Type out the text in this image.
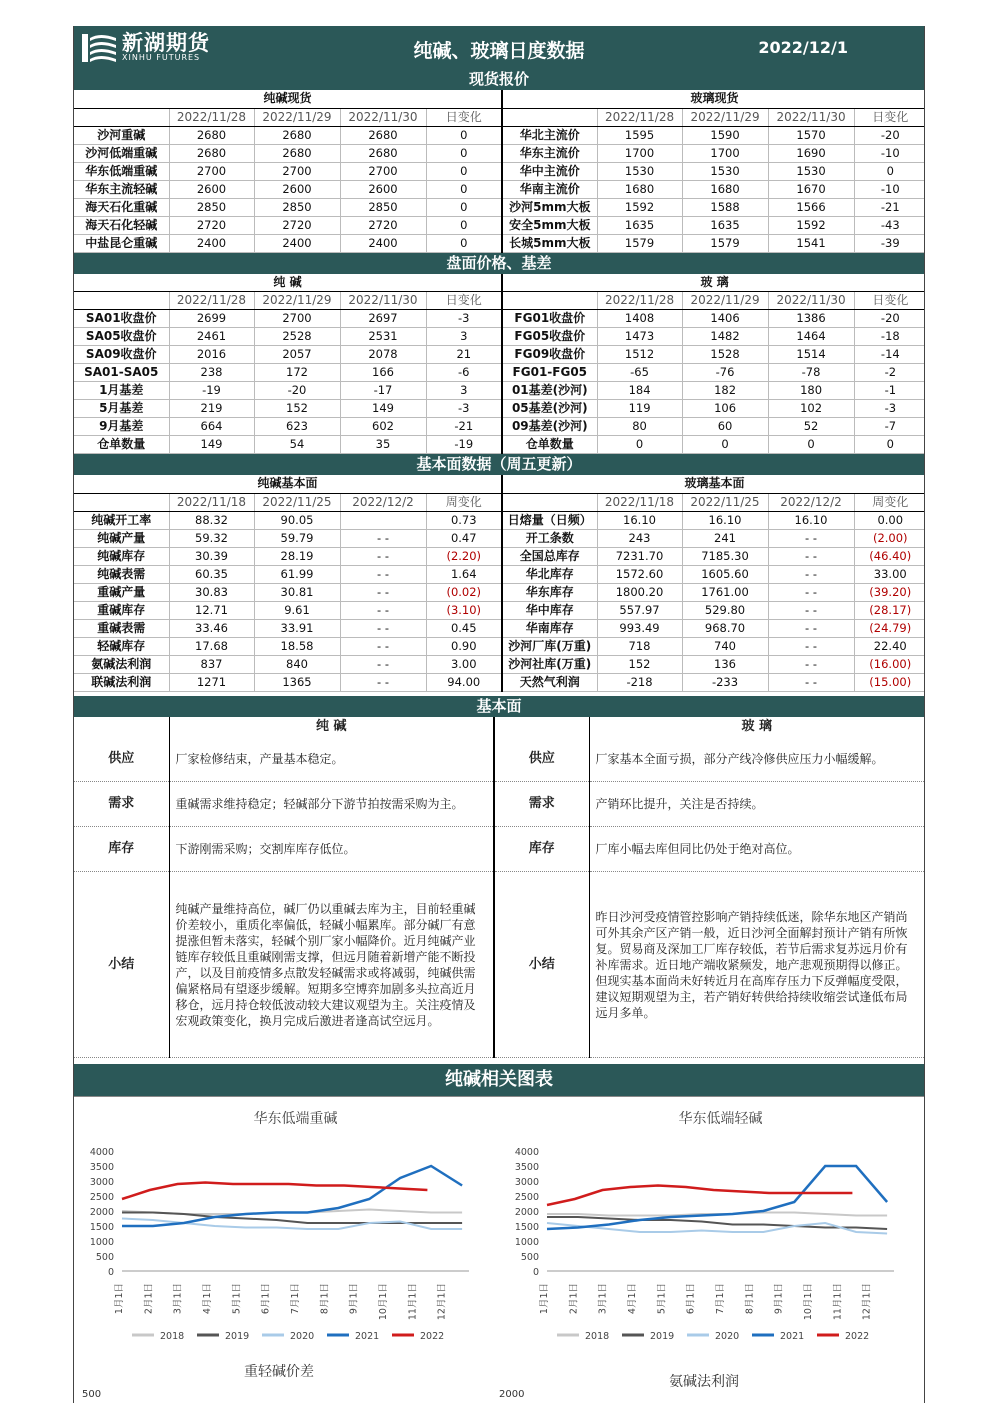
新湖期货
XINHU FUTURES	纯碱、玻璃日度数据	2022/12/1
现货报价
纯碱现货					玻璃现货				
	2022/11/28	2022/11/29	2022/11/30	日变化		2022/11/28	2022/11/29	2022/11/30	日变化
沙河重碱	2680	2680	2680	0	华北主流价	1595	1590	1570	-20
沙河低端重碱	2680	2680	2680	0	华东主流价	1700	1700	1690	-10
华东低端重碱	2700	2700	2700	0	华中主流价	1530	1530	1530	0
华东主流轻碱	2600	2600	2600	0	华南主流价	1680	1680	1670	-10
海天石化重碱	2850	2850	2850	0	沙河5mm大板	1592	1588	1566	-21
海天石化轻碱	2720	2720	2720	0	安全5mm大板	1635	1635	1592	-43
中盐昆仑重碱	2400	2400	2400	0	长城5mm大板	1579	1579	1541	-39
盘面价格、基差
纯 碱					玻 璃				
	2022/11/28	2022/11/29	2022/11/30	日变化		2022/11/28	2022/11/29	2022/11/30	日变化
SA01收盘价	2699	2700	2697	-3	FG01收盘价	1408	1406	1386	-20
SA05收盘价	2461	2528	2531	3	FG05收盘价	1473	1482	1464	-18
SA09收盘价	2016	2057	2078	21	FG09收盘价	1512	1528	1514	-14
SA01-SA05	238	172	166	-6	FG01-FG05	-65	-76	-78	-2
1月基差	-19	-20	-17	3	01基差(沙河)	184	182	180	-1
5月基差	219	152	149	-3	05基差(沙河)	119	106	102	-3
9月基差	664	623	602	-21	09基差(沙河)	80	60	52	-7
仓单数量	149	54	35	-19	仓单数量	0	0	0	0
基本面数据（周五更新）
纯碱基本面					玻璃基本面				
	2022/11/18	2022/11/25	2022/12/2	周变化		2022/11/18	2022/11/25	2022/12/2	周变化
纯碱开工率	88.32	90.05		0.73	日熔量（日频）	16.10	16.10	16.10	0.00
纯碱产量	59.32	59.79	- -	0.47	开工条数	243	241	- -	(2.00)
纯碱库存	30.39	28.19	- -	(2.20)	全国总库存	7231.70	7185.30	- -	(46.40)
纯碱表需	60.35	61.99	- -	1.64	华北库存	1572.60	1605.60	- -	33.00
重碱产量	30.83	30.81	- -	(0.02)	华东库存	1800.20	1761.00	- -	(39.20)
重碱库存	12.71	9.61	- -	(3.10)	华中库存	557.97	529.80	- -	(28.17)
重碱表需	33.46	33.91	- -	0.45	华南库存	993.49	968.70	- -	(24.79)
轻碱库存	17.68	18.58	- -	0.90	沙河厂库(万重)	718	740	- -	22.40
氨碱法利润	837	840	- -	3.00	沙河社库(万重)	152	136	- -	(16.00)
联碱法利润	1271	1365	- -	94.00	天然气利润	-218	-233	- -	(15.00)
基本面
	纯 碱		玻 璃
供应	厂家检修结束，产量基本稳定。	供应	厂家基本全面亏损，部分产线冷修供应压力小幅缓解。
需求	重碱需求维持稳定；轻碱部分下游节拍按需采购为主。	需求	产销环比提升，关注是否持续。
库存	下游刚需采购；交割库库存低位。	库存	厂库小幅去库但同比仍处于绝对高位。
小结	纯碱产量维持高位，碱厂仍以重碱去库为主，目前轻重碱价差较小，重质化率偏低，轻碱小幅累库。部分碱厂有意提涨但暂未落实，轻碱个别厂家小幅降价。近月纯碱产业链库存较低且重碱刚需支撑，但远月随着新增产能不断投产，以及目前疫情多点散发轻碱需求或将减弱，纯碱供需偏紧格局有望逐步缓解。短期多空博弈加剧多头拉高近月移仓，远月持仓较低波动较大建议观望为主。关注疫情及宏观政策变化，换月完成后激进者逢高试空远月。	小结	昨日沙河受疫情管控影响产销持续低迷，除华东地区产销尚可外其余产区产销一般，近日沙河全面解封预计产销有所恢复。贸易商及深加工厂库存较低，若节后需求复苏远月价有补库需求。近日地产端收紧频发，地产悲观预期得以修正。但现实基本面尚未好转近月在高库存压力下反弹幅度受限，建议短期观望为主，若产销好转供给持续收缩尝试逢低布局远月多单。
纯碱相关图表
华东低端重碱
0
500
1000
1500
2000
2500
3000
3500
4000
1月1日 2月1日 3月1日 4月1日 5月1日 6月1日 7月1日 8月1日 9月1日 10月1日 11月1日 12月1日
2018	2019	2020	2021	2022
华东低端轻碱
0
500
1000
1500
2000
2500
3000
3500
4000
1月1日 2月1日 3月1日 4月1日 5月1日 6月1日 7月1日 8月1日 9月1日 10月1日 11月1日 12月1日
2018	2019	2020	2021	2022
重轻碱价差
氨碱法利润
500	2000
